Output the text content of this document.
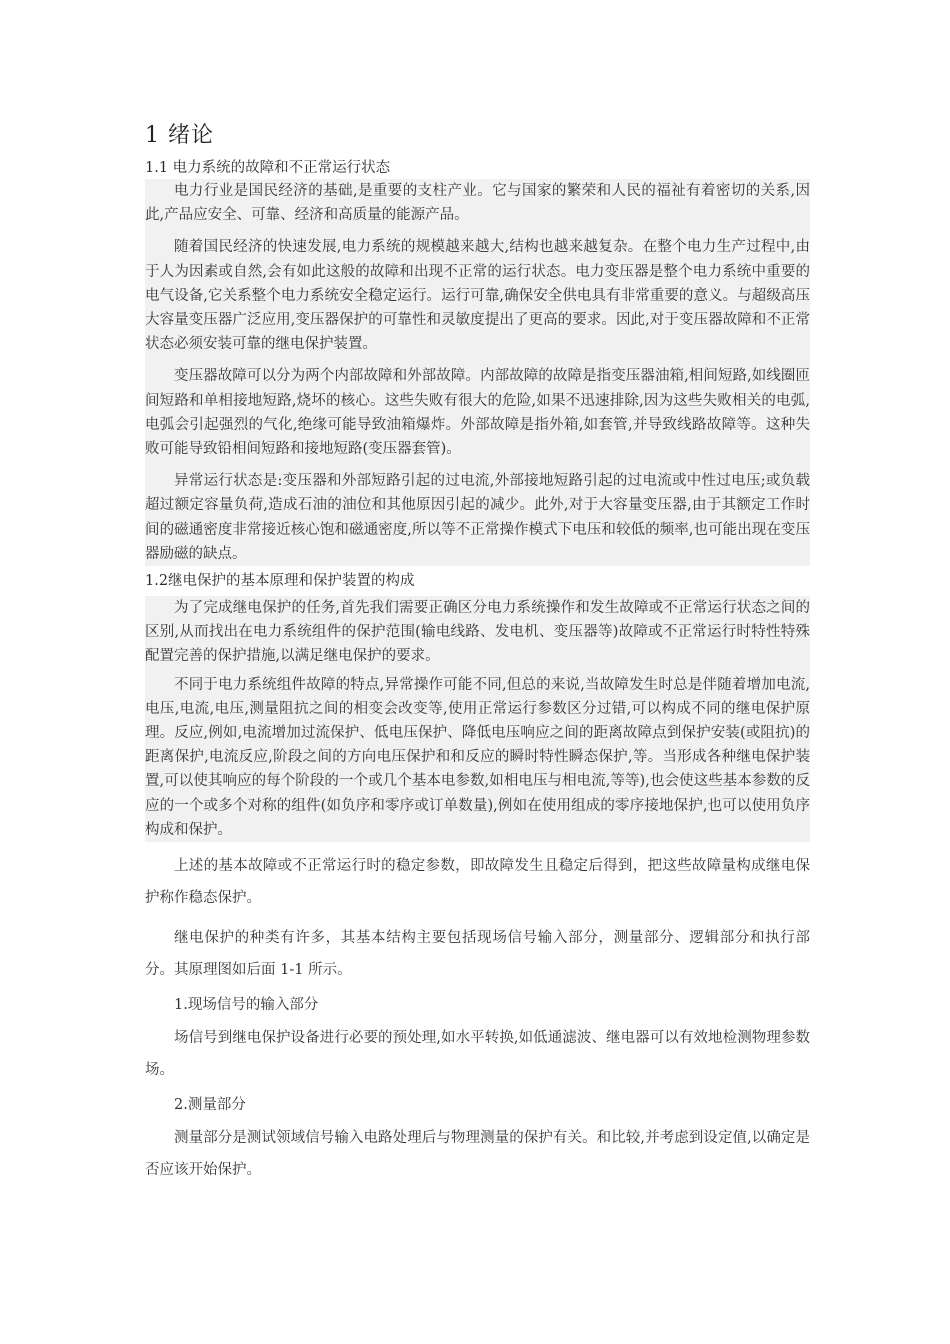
1 绪论
1.1 电力系统的故障和不正常运行状态

电力行业是国民经济的基础,是重要的支柱产业。它与国家的繁荣和人民的福祉有着密切的关系,因此,产品应安全、可靠、经济和高质量的能源产品。

随着国民经济的快速发展,电力系统的规模越来越大,结构也越来越复杂。在整个电力生产过程中,由于人为因素或自然,会有如此这般的故障和出现不正常的运行状态。电力变压器是整个电力系统中重要的电气设备,它关系整个电力系统安全稳定运行。运行可靠,确保安全供电具有非常重要的意义。与超级高压大容量变压器广泛应用,变压器保护的可靠性和灵敏度提出了更高的要求。因此,对于变压器故障和不正常状态必须安装可靠的继电保护装置。

变压器故障可以分为两个内部故障和外部故障。内部故障的故障是指变压器油箱,相间短路,如线圈匝间短路和单相接地短路,烧坏的核心。这些失败有很大的危险,如果不迅速排除,因为这些失败相关的电弧,电弧会引起强烈的气化,绝缘可能导致油箱爆炸。外部故障是指外箱,如套管,并导致线路故障等。这种失败可能导致铅相间短路和接地短路(变压器套管)。

异常运行状态是:变压器和外部短路引起的过电流,外部接地短路引起的过电流或中性过电压;或负载超过额定容量负荷,造成石油的油位和其他原因引起的减少。此外,对于大容量变压器,由于其额定工作时间的磁通密度非常接近核心饱和磁通密度,所以等不正常操作模式下电压和较低的频率,也可能出现在变压器励磁的缺点。

1.2继电保护的基本原理和保护装置的构成

为了完成继电保护的任务,首先我们需要正确区分电力系统操作和发生故障或不正常运行状态之间的区别,从而找出在电力系统组件的保护范围(输电线路、发电机、变压器等)故障或不正常运行时特性特殊配置完善的保护措施,以满足继电保护的要求。

不同于电力系统组件故障的特点,异常操作可能不同,但总的来说,当故障发生时总是伴随着增加电流,电压,电流,电压,测量阻抗之间的相变会改变等,使用正常运行参数区分过错,可以构成不同的继电保护原理。反应,例如,电流增加过流保护、低电压保护、降低电压响应之间的距离故障点到保护安装(或阻抗)的距离保护,电流反应,阶段之间的方向电压保护和和反应的瞬时特性瞬态保护,等。当形成各种继电保护装置,可以使其响应的每个阶段的一个或几个基本电参数,如相电压与相电流,等等),也会使这些基本参数的反应的一个或多个对称的组件(如负序和零序或订单数量),例如在使用组成的零序接地保护,也可以使用负序构成和保护。

上述的基本故障或不正常运行时的稳定参数，即故障发生且稳定后得到，把这些故障量构成继电保护称作稳态保护。

继电保护的种类有许多，其基本结构主要包括现场信号输入部分，测量部分、逻辑部分和执行部分。其原理图如后面 1-1 所示。

1.现场信号的输入部分

场信号到继电保护设备进行必要的预处理,如水平转换,如低通滤波、继电器可以有效地检测物理参数场。

2.测量部分

测量部分是测试领域信号输入电路处理后与物理测量的保护有关。和比较,并考虑到设定值,以确定是否应该开始保护。
